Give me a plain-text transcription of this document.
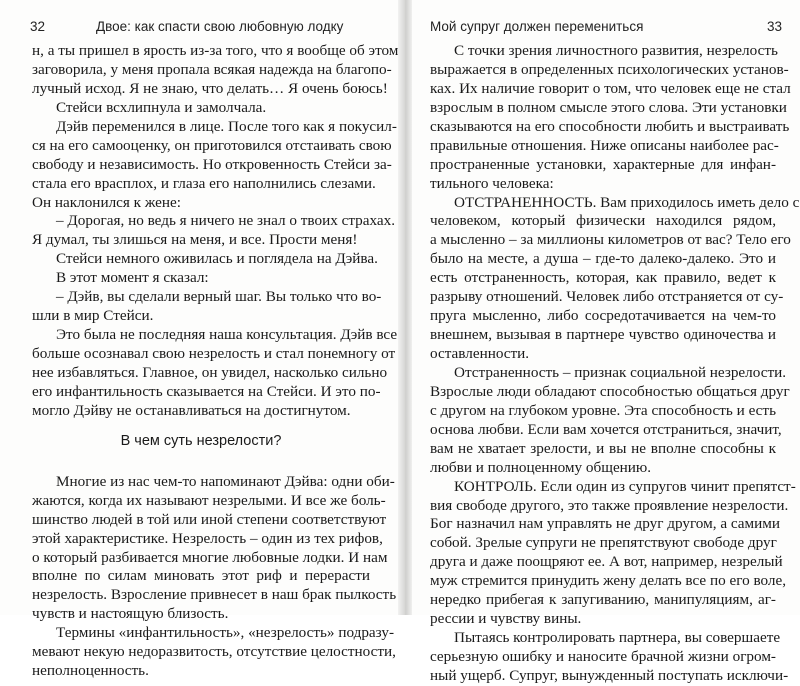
32	Двое: как спасти свою любовную лодку
н, а ты пришел в ярость из-за того, что я вообще об этом
заговорила, у меня пропала всякая надежда на благопо-
лучный исход. Я не знаю, что делать… Я очень боюсь!
Стейси всхлипнула и замолчала.
Дэйв переменился в лице. После того как я покусил-
ся на его самооценку, он приготовился отстаивать свою
свободу и независимость. Но откровенность Стейси за-
стала его врасплох, и глаза его наполнились слезами.
Он наклонился к жене:
– Дорогая, но ведь я ничего не знал о твоих страхах.
Я думал, ты злишься на меня, и все. Прости меня!
Стейси немного оживилась и поглядела на Дэйва.
В этот момент я сказал:
– Дэйв, вы сделали верный шаг. Вы только что во-
шли в мир Стейси.
Это была не последняя наша консультация. Дэйв все
больше осознавал свою незрелость и стал понемногу от
нее избавляться. Главное, он увидел, насколько сильно
его инфантильность сказывается на Стейси. И это по-
могло Дэйву не останавливаться на достигнутом.
В чем суть незрелости?
Многие из нас чем-то напоминают Дэйва: одни оби-
жаются, когда их называют незрелыми. И все же боль-
шинство людей в той или иной степени соответствуют
этой характеристике. Незрелость – один из тех рифов,
о который разбивается многие любовные лодки. И нам
вполне по силам миновать этот риф и перерасти
незрелость. Взросление привнесет в наш брак пылкость
чувств и настоящую близость.
Термины «инфантильность», «незрелость» подразу-
мевают некую недоразвитость, отсутствие целостности,
неполноценность.
Мой супруг должен перемениться	33
С точки зрения личностного развития, незрелость
выражается в определенных психологических установ-
ках. Их наличие говорит о том, что человек еще не стал
взрослым в полном смысле этого слова. Эти установки
сказываются на его способности любить и выстраивать
правильные отношения. Ниже описаны наиболее рас-
пространенные установки, характерные для инфан-
тильного человека:
ОТСТРАНЕННОСТЬ. Вам приходилось иметь дело с
человеком, который физически находился рядом,
а мысленно – за миллионы километров от вас? Тело его
было на месте, а душа – где-то далеко-далеко. Это и
есть отстраненность, которая, как правило, ведет к
разрыву отношений. Человек либо отстраняется от су-
пруга мысленно, либо сосредотачивается на чем-то
внешнем, вызывая в партнере чувство одиночества и
оставленности.
Отстраненность – признак социальной незрелости.
Взрослые люди обладают способностью общаться друг
с другом на глубоком уровне. Эта способность и есть
основа любви. Если вам хочется отстраниться, значит,
вам не хватает зрелости, и вы не вполне способны к
любви и полноценному общению.
КОНТРОЛЬ. Если один из супругов чинит препятст-
вия свободе другого, это также проявление незрелости.
Бог назначил нам управлять не друг другом, а самими
собой. Зрелые супруги не препятствуют свободе друг
друга и даже поощряют ее. А вот, например, незрелый
муж стремится принудить жену делать все по его воле,
нередко прибегая к запугиванию, манипуляциям, аг-
рессии и чувству вины.
Пытаясь контролировать партнера, вы совершаете
серьезную ошибку и наносите брачной жизни огром-
ный ущерб. Супруг, вынужденный поступать исключи-
